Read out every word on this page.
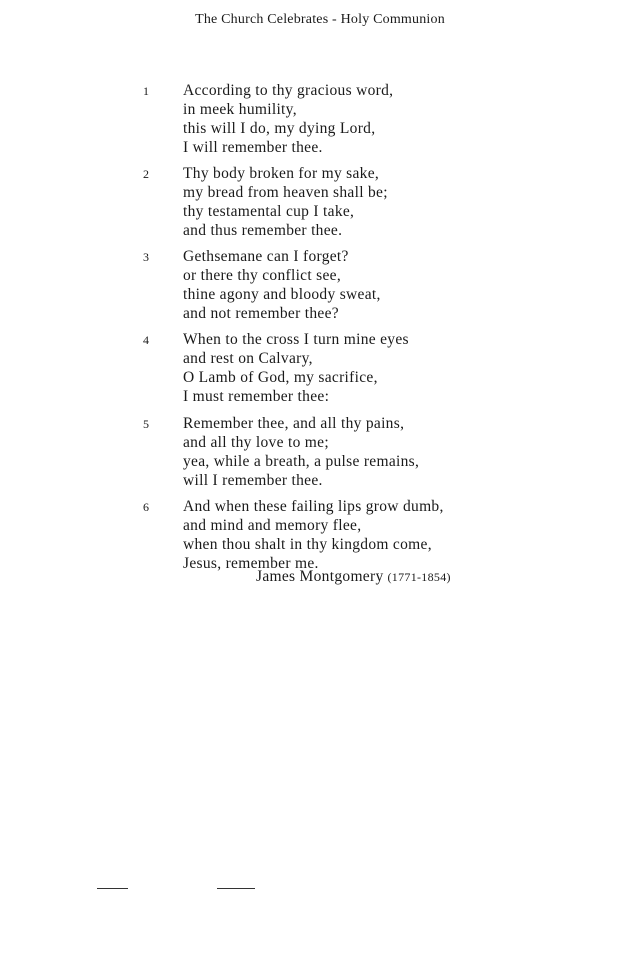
The Church Celebrates - Holy Communion
1 According to thy gracious word,
in meek humility,
this will I do, my dying Lord,
I will remember thee.
2 Thy body broken for my sake,
my bread from heaven shall be;
thy testamental cup I take,
and thus remember thee.
3 Gethsemane can I forget?
or there thy conflict see,
thine agony and bloody sweat,
and not remember thee?
4 When to the cross I turn mine eyes
and rest on Calvary,
O Lamb of God, my sacrifice,
I must remember thee:
5 Remember thee, and all thy pains,
and all thy love to me;
yea, while a breath, a pulse remains,
will I remember thee.
6 And when these failing lips grow dumb,
and mind and memory flee,
when thou shalt in thy kingdom come,
Jesus, remember me.
James Montgomery (1771-1854)
